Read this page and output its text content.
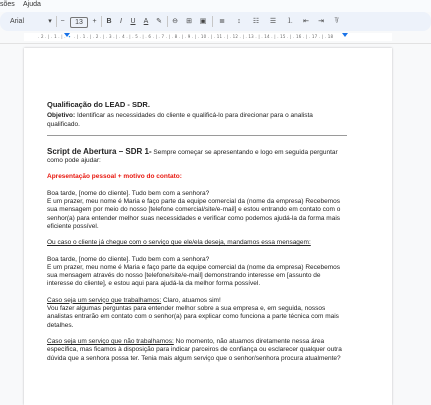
sões Ajuda
Arial	▾	−	13	+	B	I	U	A	✎ ⊖ ⊞ ▣	≣	↕	☷	☰	⒈	⇤ ⇥	ᵀ̸
. 2 . | . 1 . | . 🔹 . | . 1 . | . 2 . | . 3 . | . 4 . | . 5 . | . 6 . | . 7 . | . 8 . | . 9 . | . 10 . | . 11 . | . 12 . | . 13 . | . 14 . | . 15 . | . 16 . | . 17 . | . 18

Qualificação do LEAD - SDR.

Objetivo: Identificar as necessidades do cliente e qualificá-lo para direcionar para o analista qualificado.

Script de Abertura – SDR 1- Sempre começar se apresentando e logo em seguida perguntar como pode ajudar:

Apresentação pessoal + motivo do contato:

Boa tarde, [nome do cliente]. Tudo bem com a senhora?

E um prazer, meu nome é Maria e faço parte da equipe comercial da (nome da empresa) Recebemos sua mensagem por meio do nosso [telefone comercial/site/e-mail] e estou entrando em contato com o senhor(a) para entender melhor suas necessidades e verificar como podemos ajudá-la da forma mais eficiente possível.

Ou caso o cliente já chegue com o serviço que ele/ela deseja, mandamos essa mensagem:

Boa tarde, [nome do cliente]. Tudo bem com a senhora?

E um prazer, meu nome é Maria e faço parte da equipe comercial da (nome da empresa) Recebemos sua mensagem através do nosso [telefone/site/e-mail] demonstrando interesse em [assunto de interesse do cliente], e estou aqui para ajudá-la da melhor forma possível.

Caso seja um serviço que trabalhamos: Claro, atuamos sim!

Vou fazer algumas perguntas para entender melhor sobre a sua empresa e, em seguida, nossos analistas entrarão em contato com o senhor(a) para explicar como funciona a parte técnica com mais detalhes.

Caso seja um serviço que não trabalhamos: No momento, não atuamos diretamente nessa área específica, mas ficamos à disposição para indicar parceiros de confiança ou esclarecer qualquer outra dúvida que a senhora possa ter. Tenia mais algum serviço que o senhor/senhora procura atualmente?
